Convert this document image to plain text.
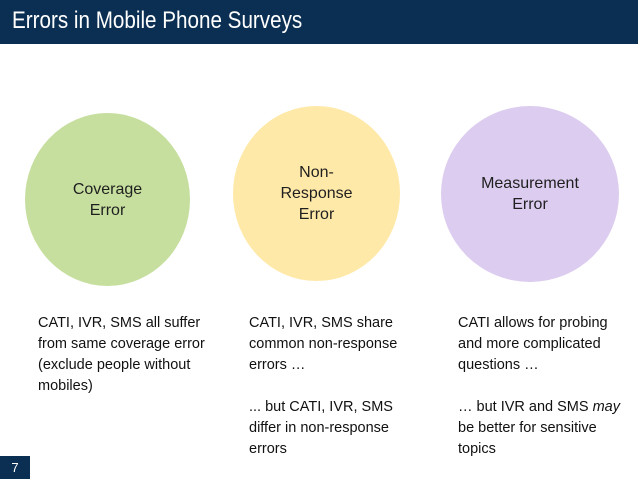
Errors in Mobile Phone Surveys
Coverage
Error
Non-
Response
Error
Measurement
Error

CATI, IVR, SMS all suffer from same coverage error (exclude people without mobiles)

CATI, IVR, SMS share common non-response errors …

... but CATI, IVR, SMS differ in non-response errors

CATI allows for probing and more complicated questions …

… but IVR and SMS may be better for sensitive topics

7
